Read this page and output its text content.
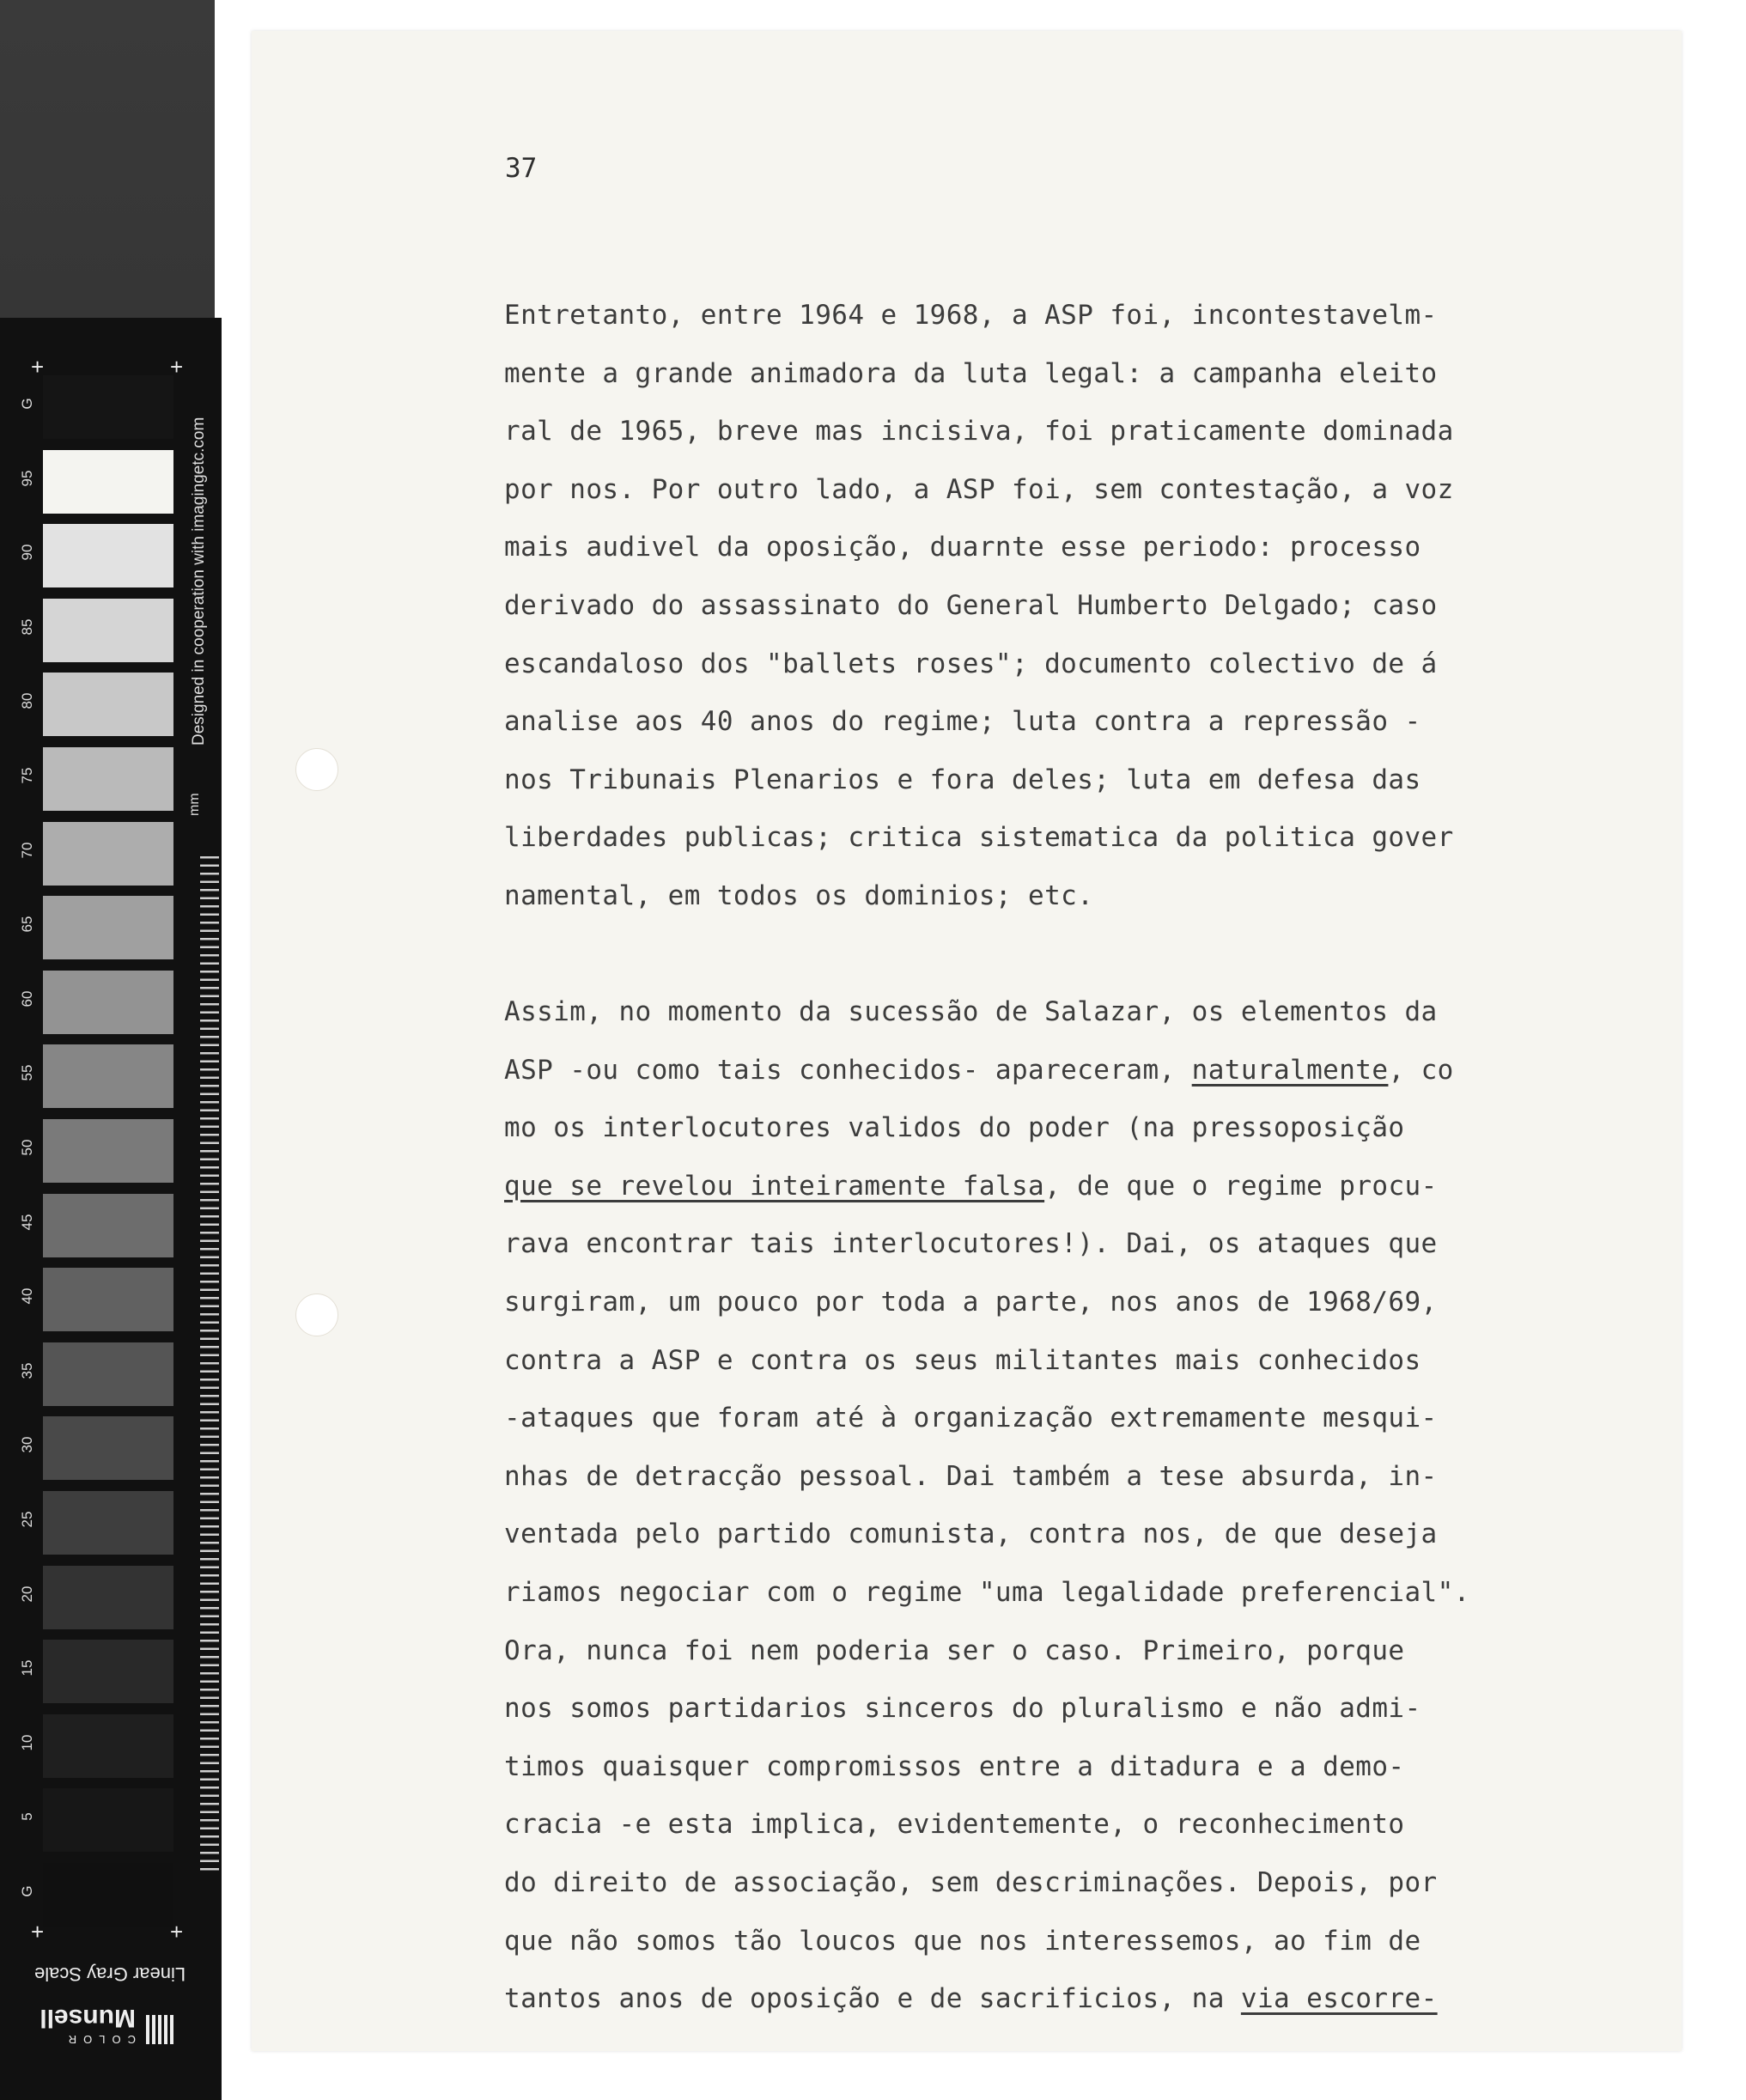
G
95
90
85
80
75
70
65
60
55
50
45
40
35
30
25
20
15
10
5
G
+	+
+	+
mm
Designed in cooperation with imagingetc.com
Linear Gray Scale
COLOR
Munsell
37
Entretanto, entre 1964 e 1968, a ASP foi, incontestavelm-
mente a grande animadora da luta legal: a campanha eleito
ral de 1965, breve mas incisiva, foi praticamente dominada
por nos. Por outro lado, a ASP foi, sem contestação, a voz
mais audivel da oposição, duarnte esse periodo: processo
derivado do assassinato do General Humberto Delgado; caso
escandaloso dos "ballets roses"; documento colectivo de á
analise aos 40 anos do regime; luta contra a repressão -
nos Tribunais Plenarios e fora deles; luta em defesa das
liberdades publicas; critica sistematica da politica gover
namental, em todos os dominios; etc.
Assim, no momento da sucessão de Salazar, os elementos da
ASP -ou como tais conhecidos- apareceram, naturalmente, co
mo os interlocutores validos do poder (na pressoposição
que se revelou inteiramente falsa, de que o regime procu-
rava encontrar tais interlocutores!). Dai, os ataques que
surgiram, um pouco por toda a parte, nos anos de 1968/69,
contra a ASP e contra os seus militantes mais conhecidos
-ataques que foram até à organização extremamente mesqui-
nhas de detracção pessoal. Dai também a tese absurda, in-
ventada pelo partido comunista, contra nos, de que deseja
riamos negociar com o regime "uma legalidade preferencial".
Ora, nunca foi nem poderia ser o caso. Primeiro, porque
nos somos partidarios sinceros do pluralismo e não admi-
timos quaisquer compromissos entre a ditadura e a demo-
cracia -e esta implica, evidentemente, o reconhecimento
do direito de associação, sem descriminações. Depois, por
que não somos tão loucos que nos interessemos, ao fim de
tantos anos de oposição e de sacrificios, na via escorre-
